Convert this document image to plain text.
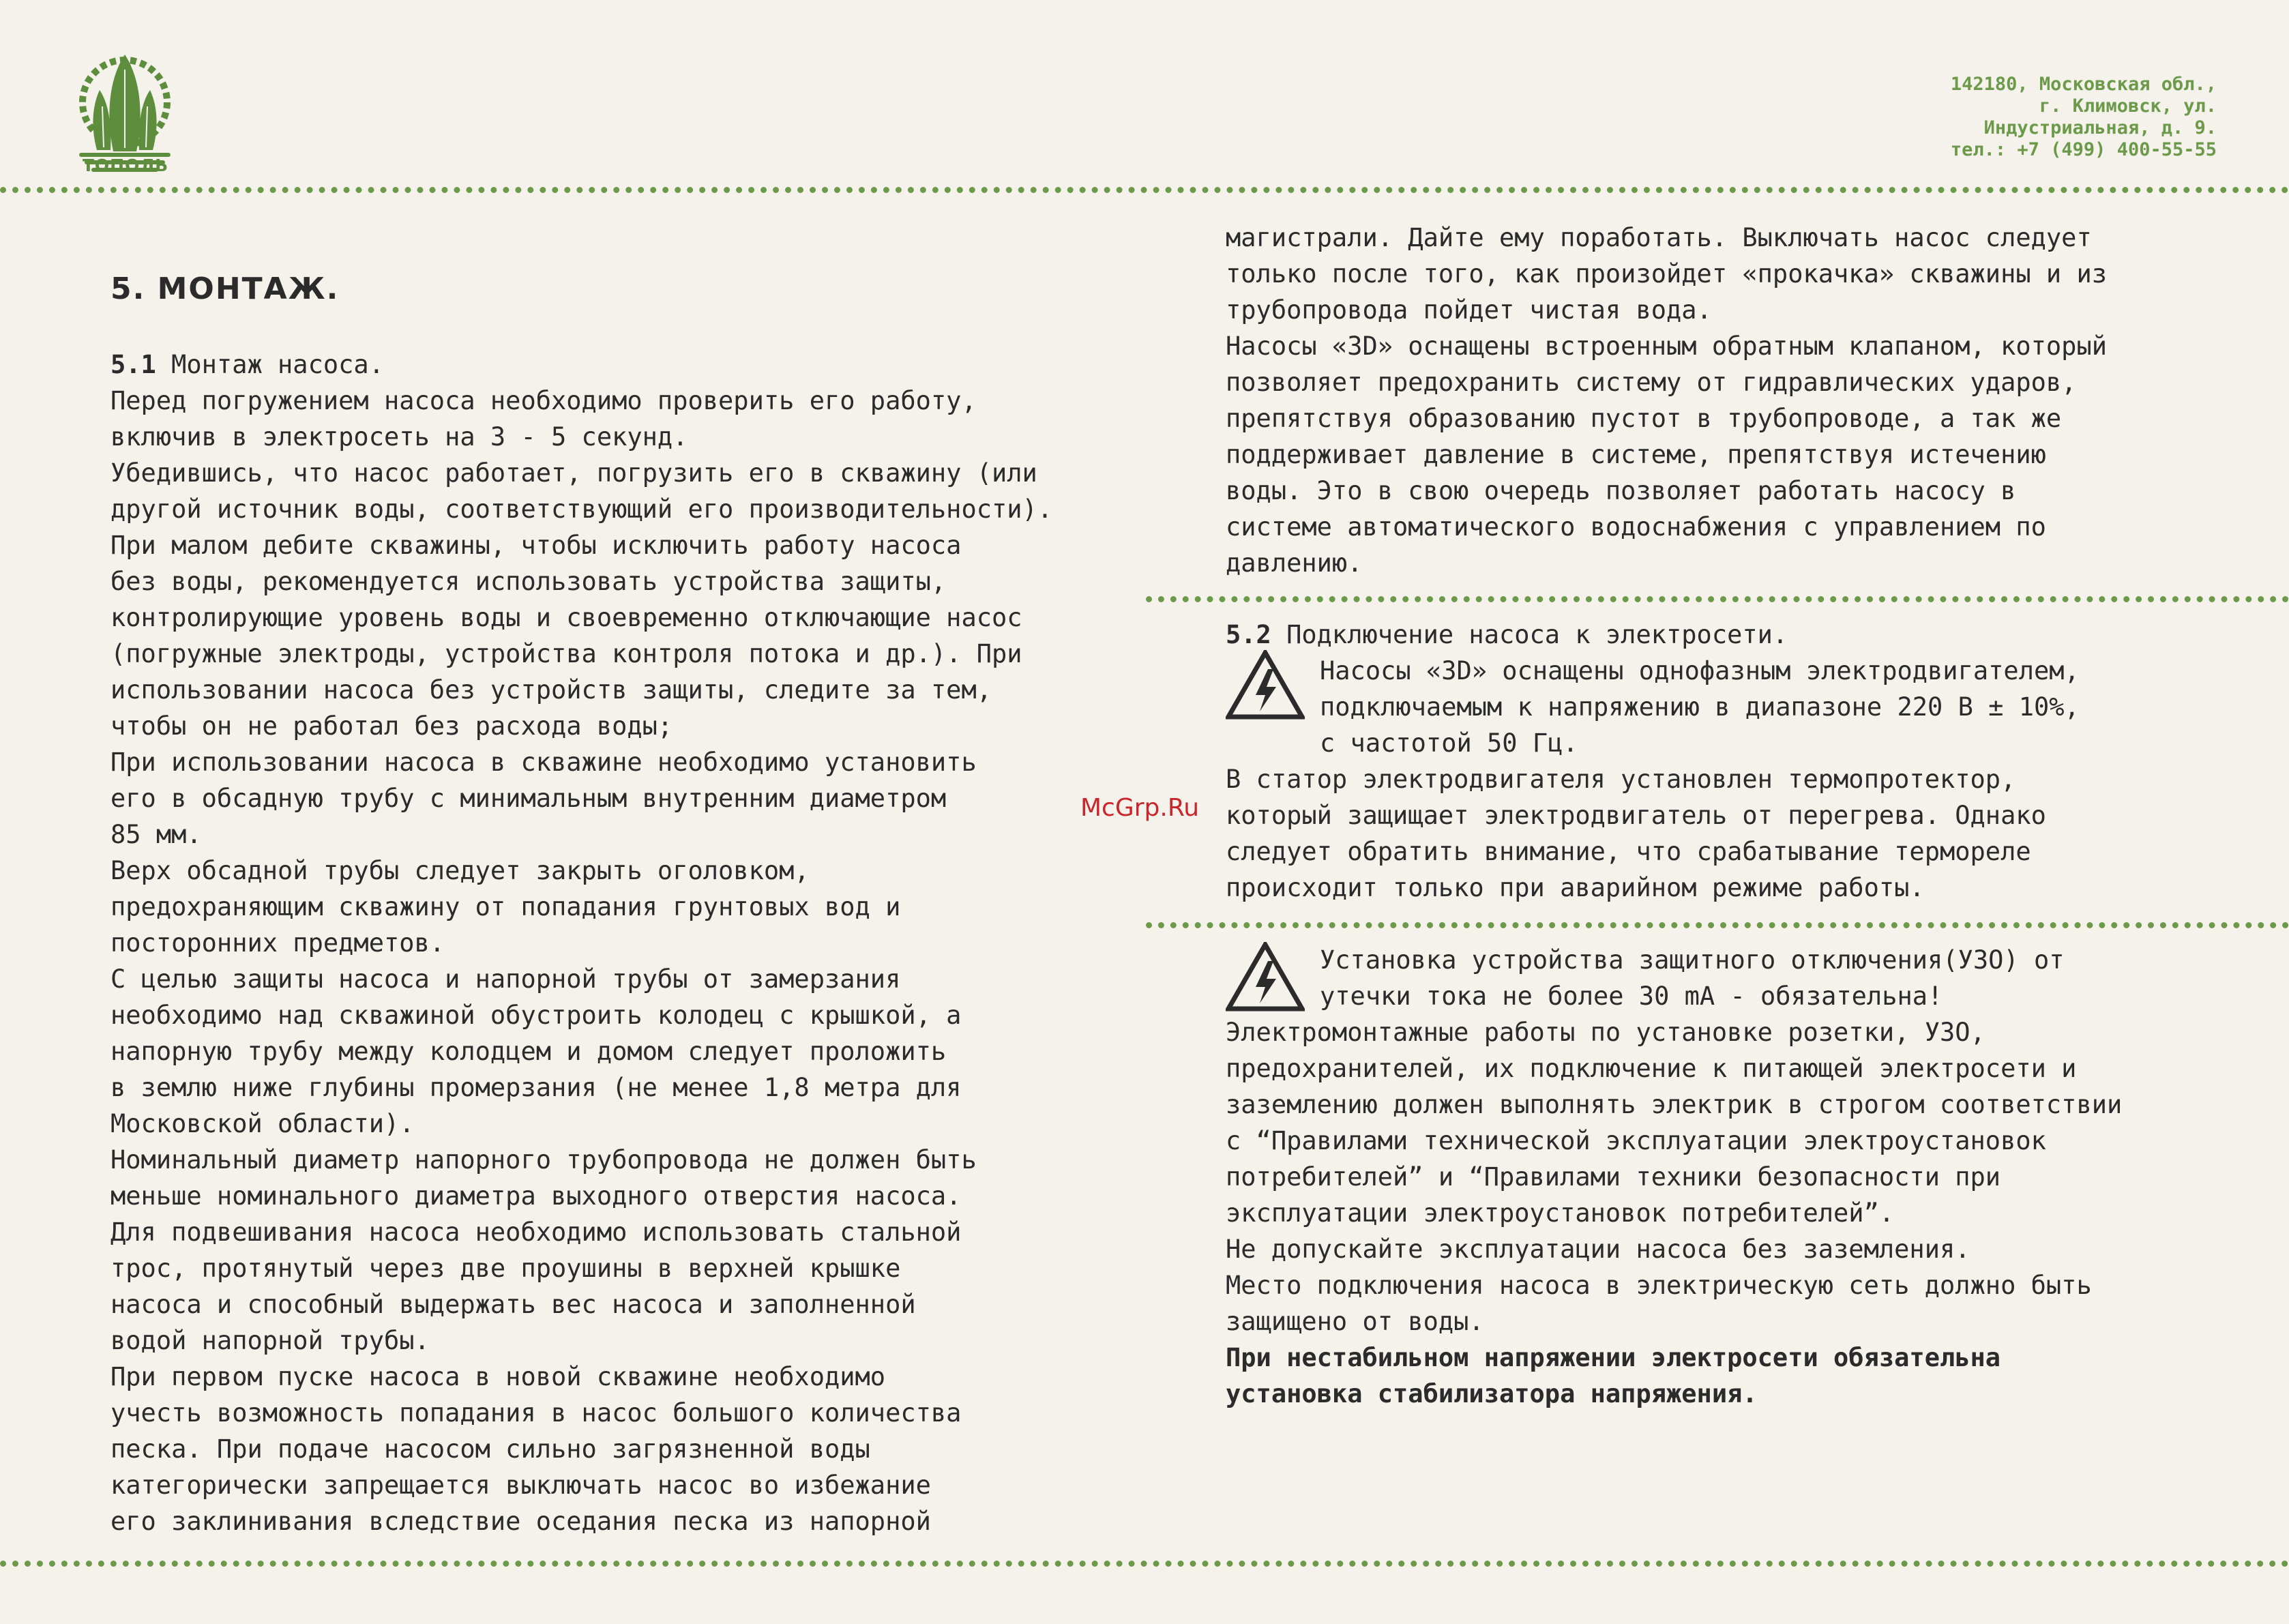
ТОПОЛЬ
142180, Московская обл.,
г. Климовск, ул.
Индустриальная, д. 9.
тел.: +7 (499) 400-55-55
5. МОНТАЖ.

5.1 Монтаж насоса.

Перед погружением насоса необходимо проверить его работу,

включив в электросеть на 3 - 5 секунд.

Убедившись, что насос работает, погрузить его в скважину (или

другой источник воды, соответствующий его производительности).

При малом дебите скважины, чтобы исключить работу насоса

без воды, рекомендуется использовать устройства защиты,

контролирующие уровень воды и своевременно отключающие насос

(погружные электроды, устройства контроля потока и др.). При

использовании насоса без устройств защиты, следите за тем,

чтобы он не работал без расхода воды;

При использовании насоса в скважине необходимо установить

его в обсадную трубу с минимальным внутренним диаметром

85 мм.

Верх обсадной трубы следует закрыть оголовком,

предохраняющим скважину от попадания грунтовых вод и

посторонних предметов.

С целью защиты насоса и напорной трубы от замерзания

необходимо над скважиной обустроить колодец с крышкой, а

напорную трубу между колодцем и домом следует проложить

в землю ниже глубины промерзания (не менее 1,8 метра для

Московской области).

Номинальный диаметр напорного трубопровода не должен быть

меньше номинального диаметра выходного отверстия насоса.

Для подвешивания насоса необходимо использовать стальной

трос, протянутый через две проушины в верхней крышке

насоса и способный выдержать вес насоса и заполненной

водой напорной трубы.

При первом пуске насоса в новой скважине необходимо

учесть возможность попадания в насос большого количества

песка. При подаче насосом сильно загрязненной воды

категорически запрещается выключать насос во избежание

его заклинивания вследствие оседания песка из напорной

McGrp.Ru

магистрали. Дайте ему поработать. Выключать насос следует

только после того, как произойдет «прокачка» скважины и из

трубопровода пойдет чистая вода.

Насосы «3D» оснащены встроенным обратным клапаном, который

позволяет предохранить систему от гидравлических ударов,

препятствуя образованию пустот в трубопроводе, а так же

поддерживает давление в системе, препятствуя истечению

воды. Это в свою очередь позволяет работать насосу в

системе автоматического водоснабжения с управлением по

давлению.

5.2 Подключение насоса к электросети.

Насосы «3D» оснащены однофазным электродвигателем,

подключаемым к напряжению в диапазоне 220 В ± 10%,

с частотой 50 Гц.

В статор электродвигателя установлен термопротектор,

который защищает электродвигатель от перегрева. Однако

следует обратить внимание, что срабатывание термореле

происходит только при аварийном режиме работы.

Установка устройства защитного отключения(УЗО) от

утечки тока не более 30 mA - обязательна!

Электромонтажные работы по установке розетки, УЗО,

предохранителей, их подключение к питающей электросети и

заземлению должен выполнять электрик в строгом соответствии

с “Правилами технической эксплуатации электроустановок

потребителей” и “Правилами техники безопасности при

эксплуатации электроустановок потребителей”.

Не допускайте эксплуатации насоса без заземления.

Место подключения насоса в электрическую сеть должно быть

защищено от воды.

При нестабильном напряжении электросети обязательна

установка стабилизатора напряжения.
